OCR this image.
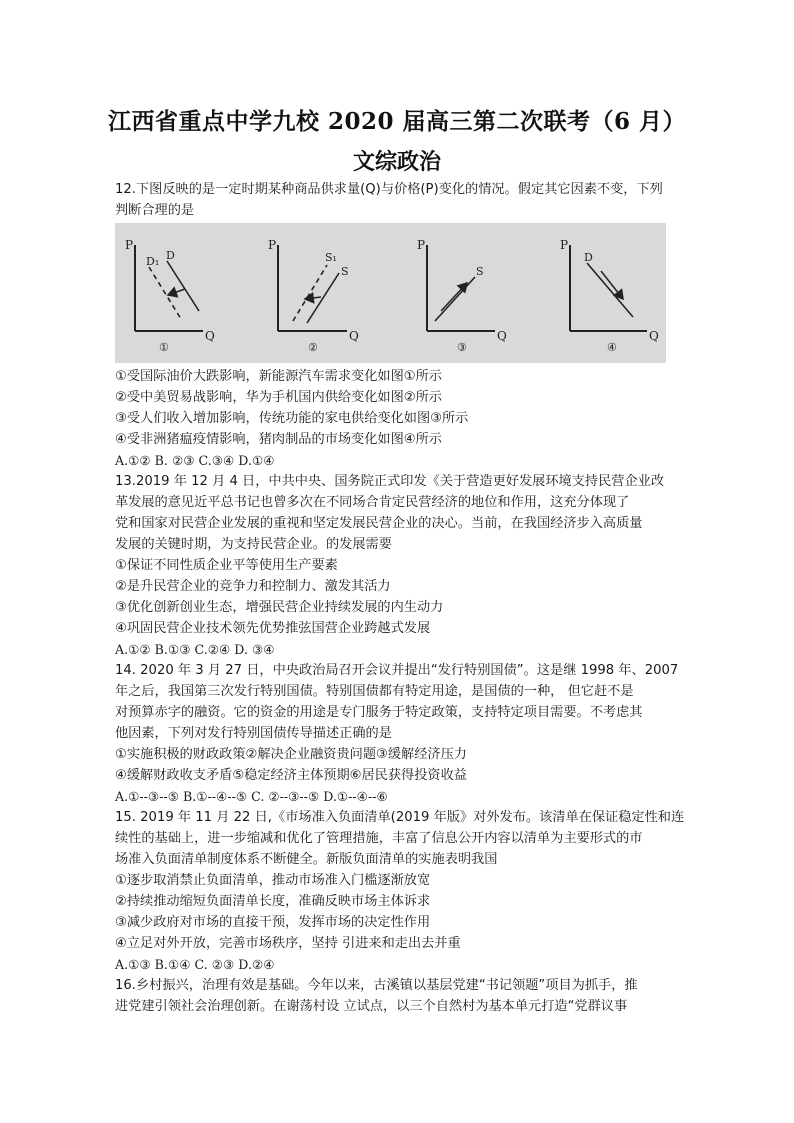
江西省重点中学九校 2020 届高三第二次联考（6 月）
文综政治
12.下图反映的是一定时期某种商品供求量(Q)与价格(P)变化的情况。假定其它因素不变，下列
判断合理的是
P
Q
D₁ D
①
P
Q
S₁
S
②
P
Q
S
③
P
Q
D
④
①受国际油价大跌影响，新能源汽车需求变化如图①所示
②受中美贸易战影响，华为手机国内供给变化如图②所示
③受人们收入增加影响，传统功能的家电供给变化如图③所示
④受非洲猪瘟疫情影响，猪肉制品的市场变化如图④所示
A.①② B. ②③ C.③④ D.①④
13.2019 年 12 月 4 日，中共中央、国务院正式印发《关于营造更好发展环境支持民营企业改
革发展的意见近平总书记也曾多次在不同场合肯定民营经济的地位和作用，这充分体现了
党和国家对民营企业发展的重视和坚定发展民营企业的决心。当前，在我国经济步入高质量
发展的关键时期，为支持民营企业。的发展需要
①保证不同性质企业平等使用生产要素
②是升民营企业的竞争力和控制力、激发其活力
③优化创新创业生态，增强民营企业持续发展的内生动力
④巩固民营企业技术领先优势推弦国营企业跨越式发展
A.①② B.①③ C.②④ D. ③④
14. 2020 年 3 月 27 日，中央政治局召开会议并提出“发行特别国债”。这是继 1998 年、2007
年之后，我国第三次发行特别国债。特别国债都有特定用途，是国债的一种， 但它赶不是
对预算赤字的融资。它的资金的用途是专门服务于特定政策，支持特定项目需要。不考虑其
他因素，下列对发行特别国债传导描述正确的是
①实施积极的财政政策②解决企业融资贵问题③缓解经济压力
④缓解财政收支矛盾⑤稳定经济主体预期⑥居民获得投资收益
A.①--③--⑤ B.①--④--⑤ C. ②--③--⑤ D.①--④--⑥
15. 2019 年 11 月 22 日,《市场准入负面清单(2019 年版》对外发布。该清单在保证稳定性和连
续性的基础上，进一步缩减和优化了管理措施，丰富了信息公开内容以清单为主要形式的市
场准入负面清单制度体系不断健全。新版负面清单的实施表明我国
①逐步取消禁止负面清单，推动市场准入门槛逐渐放宽
②持续推动缩短负面清单长度，准确反映市场主体诉求
③减少政府对市场的直接干预，发挥市场的决定性作用
④立足对外开放，完善市场秩序，坚持 引进来和走出去并重
A.①③ B.①④ C. ②③ D.②④
16.乡村振兴，治理有效是基础。今年以来，古溪镇以基层党建“书记领题”项目为抓手，推
进党建引领社会治理创新。在谢荡村设 立试点，以三个自然村为基本单元打造“党群议事
